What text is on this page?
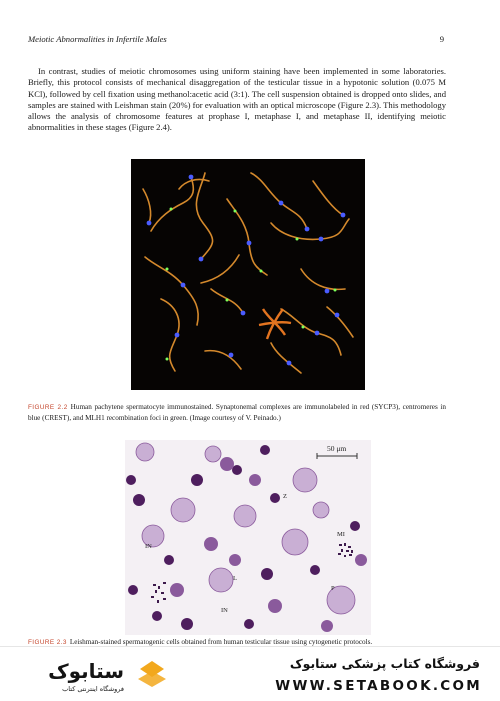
Meiotic Abnormalities in Infertile Males	9

In contrast, studies of meiotic chromosomes using uniform staining have been implemented in some laboratories. Briefly, this protocol consists of mechanical disaggregation of the testicular tissue in a hypotonic solution (0.075 M KCl), followed by cell fixation using methanol:acetic acid (3:1). The cell suspension obtained is dropped onto slides, and samples are stained with Leishman stain (20%) for evaluation with an optical microscope (Figure 2.3). This methodology allows the analysis of chromosome features at prophase I, metaphase I, and metaphase II, identifying meiotic abnormalities in these stages (Figure 2.4).

FIGURE 2.2 Human pachytene spermatocyte immunostained. Synaptonemal complexes are immunolabeled in red (SYCP3), centromeres in blue (CREST), and MLH1 recombination foci in green. (Image courtesy of V. Peinado.)
50 μm
Z
IN
MI
L
P
IN
FIGURE 2.3 Leishman-stained spermatogenic cells obtained from human testicular tissue using cytogenetic protocols.
ستابوک
فروشگاه اینترنتی کتاب
فروشگاه کتاب پزشکی ستابوک
WWW.SETABOOK.COM
